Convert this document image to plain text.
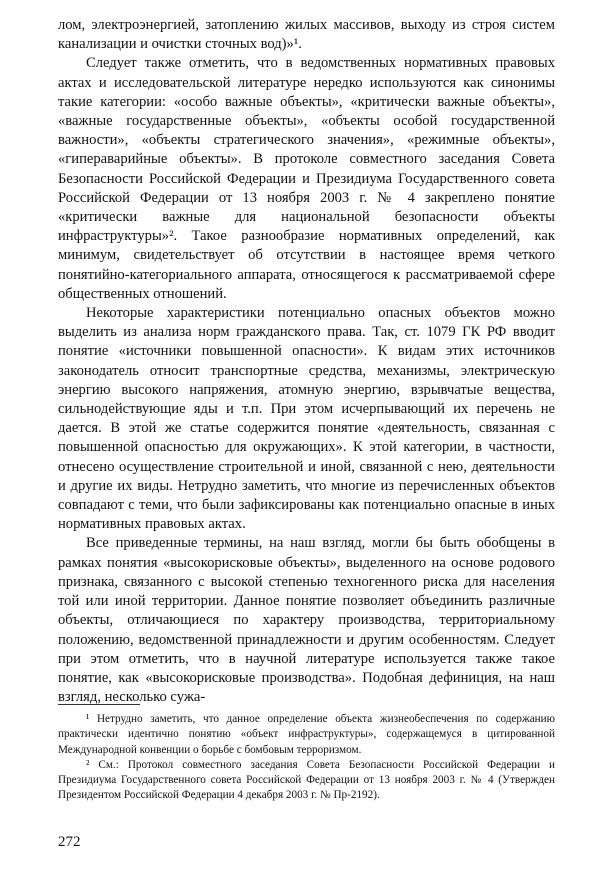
лом, электроэнергией, затоплению жилых массивов, выходу из строя систем канализации и очистки сточных вод)»¹.

Следует также отметить, что в ведомственных нормативных правовых актах и исследовательской литературе нередко используются как синонимы такие категории: «особо важные объекты», «критически важные объекты», «важные государственные объекты», «объекты особой государственной важности», «объекты стратегического значения», «режимные объекты», «гипераварийные объекты». В протоколе совместного заседания Совета Безопасности Российской Федерации и Президиума Государственного совета Российской Федерации от 13 ноября 2003 г. № 4 закреплено понятие «критически важные для национальной безопасности объекты инфраструктуры»². Такое разнообразие нормативных определений, как минимум, свидетельствует об отсутствии в настоящее время четкого понятийно-категориального аппарата, относящегося к рассматриваемой сфере общественных отношений.

Некоторые характеристики потенциально опасных объектов можно выделить из анализа норм гражданского права. Так, ст. 1079 ГК РФ вводит понятие «источники повышенной опасности». К видам этих источников законодатель относит транспортные средства, механизмы, электрическую энергию высокого напряжения, атомную энергию, взрывчатые вещества, сильнодействующие яды и т.п. При этом исчерпывающий их перечень не дается. В этой же статье содержится понятие «деятельность, связанная с повышенной опасностью для окружающих». К этой категории, в частности, отнесено осуществление строительной и иной, связанной с нею, деятельности и другие их виды. Нетрудно заметить, что многие из перечисленных объектов совпадают с теми, что были зафиксированы как потенциально опасные в иных нормативных правовых актах.

Все приведенные термины, на наш взгляд, могли бы быть обобщены в рамках понятия «высокорисковые объекты», выделенного на основе родового признака, связанного с высокой степенью техногенного риска для населения той или иной территории. Данное понятие позволяет объединить различные объекты, отличающиеся по характеру производства, территориальному положению, ведомственной принадлежности и другим особенностям. Следует при этом отметить, что в научной литературе используется также такое понятие, как «высокорисковые производства». Подобная дефиниция, на наш взгляд, несколько сужа-

¹ Нетрудно заметить, что данное определение объекта жизнеобеспечения по содержанию практически идентично понятию «объект инфраструктуры», содержащемуся в цитированной Международной конвенции о борьбе с бомбовым терроризмом.

² См.: Протокол совместного заседания Совета Безопасности Российской Федерации и Президиума Государственного совета Российской Федерации от 13 ноября 2003 г. № 4 (Утвержден Президентом Российской Федерации 4 декабря 2003 г. № Пр-2192).

272
